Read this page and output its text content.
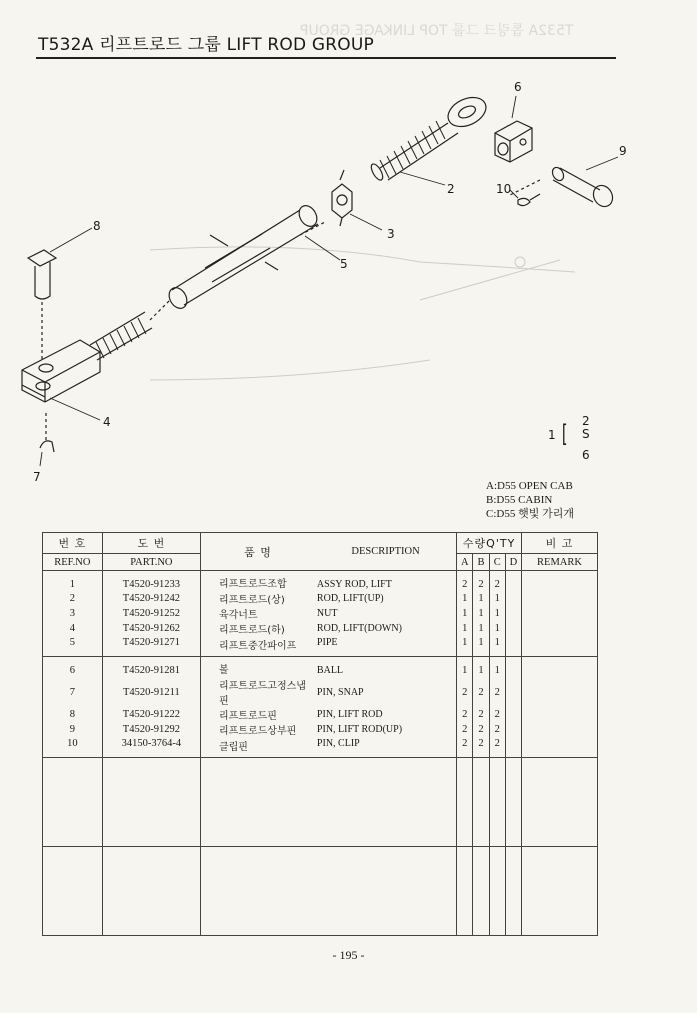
T532A 톱링크 그룹 TOP LINKAGE GROUP
T532A 리프트로드 그룹 LIFT ROD GROUP
6
9
2	10
3
8
5
4
7
1 [ 2
S
6
A:D55 OPEN CAB
B:D55 CABIN
C:D55 햇빛 가리개
번 호	도 번	품 명	DESCRIPTION	수량Q'TY				비 고
REF.NO	PART.NO			A	B	C	D	REMARK
1	T4520-91233	리프트로드조합	ASSY ROD, LIFT	2	2	2		
2	T4520-91242	리프트로드(상)	ROD, LIFT(UP)	1	1	1		
3	T4520-91252	육각너트	NUT	1	1	1		
4	T4520-91262	리프트로드(하)	ROD, LIFT(DOWN)	1	1	1		
5	T4520-91271	리프트중간파이프	PIPE	1	1	1		
6	T4520-91281	볼	BALL	1	1	1		
7	T4520-91211	리프트로드고정스냅핀	PIN, SNAP	2	2	2		
8	T4520-91222	리프트로드핀	PIN, LIFT ROD	2	2	2		
9	T4520-91292	리프트로드상부핀	PIN, LIFT ROD(UP)	2	2	2		
10	34150-3764-4	클립핀	PIN, CLIP	2	2	2		

- 195 -
